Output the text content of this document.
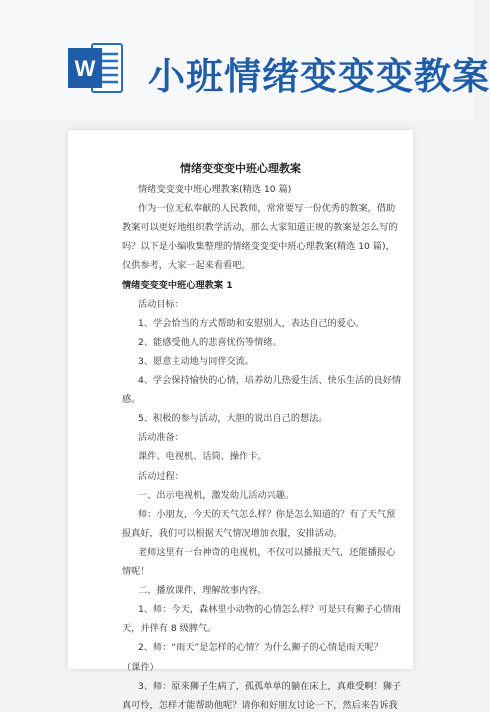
W 小班情绪变变变教案
情绪变变变中班心理教案
情绪变变变中班心理教案(精选 10 篇)
作为一位无私奉献的人民教师，常常要写一份优秀的教案，借助
教案可以更好地组织教学活动，那么大家知道正规的教案是怎么写的
吗？以下是小编收集整理的情绪变变变中班心理教案(精选 10 篇)，
仅供参考，大家一起来看看吧。
情绪变变变中班心理教案 1
活动目标：
1、学会恰当的方式帮助和安慰别人，表达自己的爱心。
2、能感受他人的悲喜忧伤等情绪。
3、愿意主动地与同伴交流。
4、学会保持愉快的心情，培养幼儿热爱生活、快乐生活的良好情
感。
5、积极的参与活动，大胆的说出自己的想法。
活动准备：
课件、电视机、话筒、操作卡。
活动过程：
一、出示电视机，激发幼儿活动兴趣。
师：小朋友，今天的天气怎么样？你是怎么知道的？有了天气预
报真好，我们可以根据天气情况增加衣服，安排活动。
老师这里有一台神奇的电视机，不仅可以播报天气，还能播报心
情呢！
二、播放课件，理解故事内容。
1、师：今天，森林里小动物的心情怎么样？可是只有狮子心情雨
天，并伴有 8 级脾气。
2、师：“雨天”是怎样的心情？为什么狮子的心情是雨天呢？
（课件）
3、师：原来狮子生病了，孤孤单单的躺在床上，真难受啊！狮子
真可怜，怎样才能帮助他呢？请你和好朋友讨论一下，然后来告诉我
